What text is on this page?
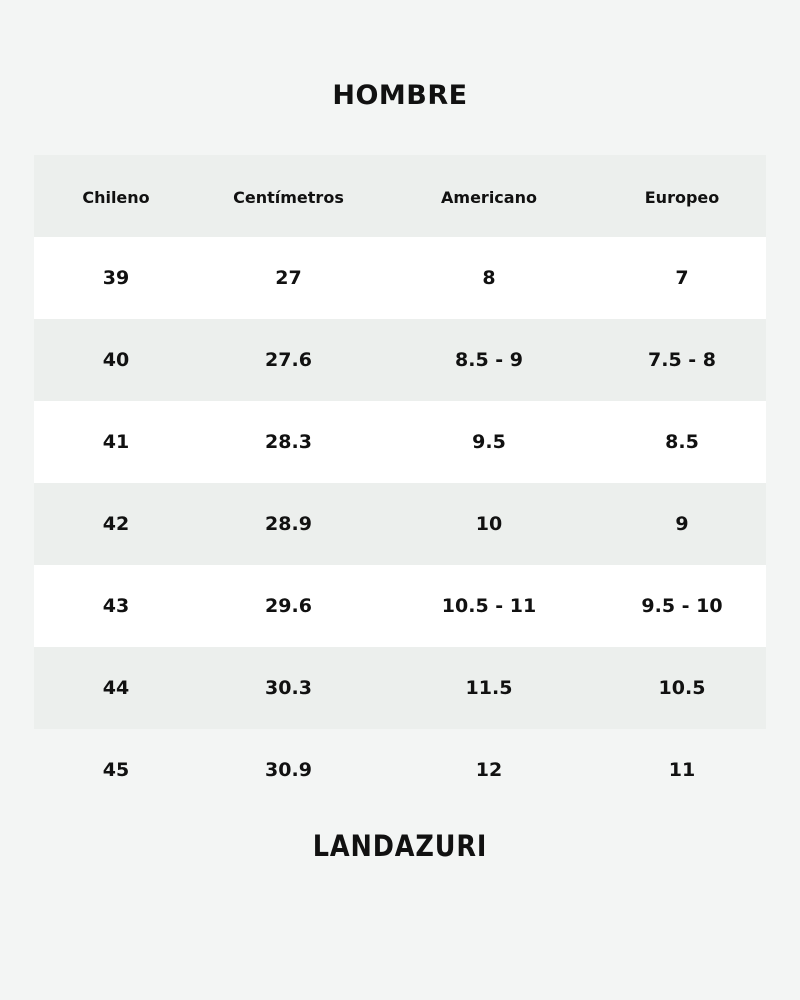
HOMBRE
Chileno	Centímetros	Americano	Europeo
39	27	8	7
40	27.6	8.5 - 9	7.5 - 8
41	28.3	9.5	8.5
42	28.9	10	9
43	29.6	10.5 - 11	9.5 - 10
44	30.3	11.5	10.5
45	30.9	12	11
LANDAZURI
